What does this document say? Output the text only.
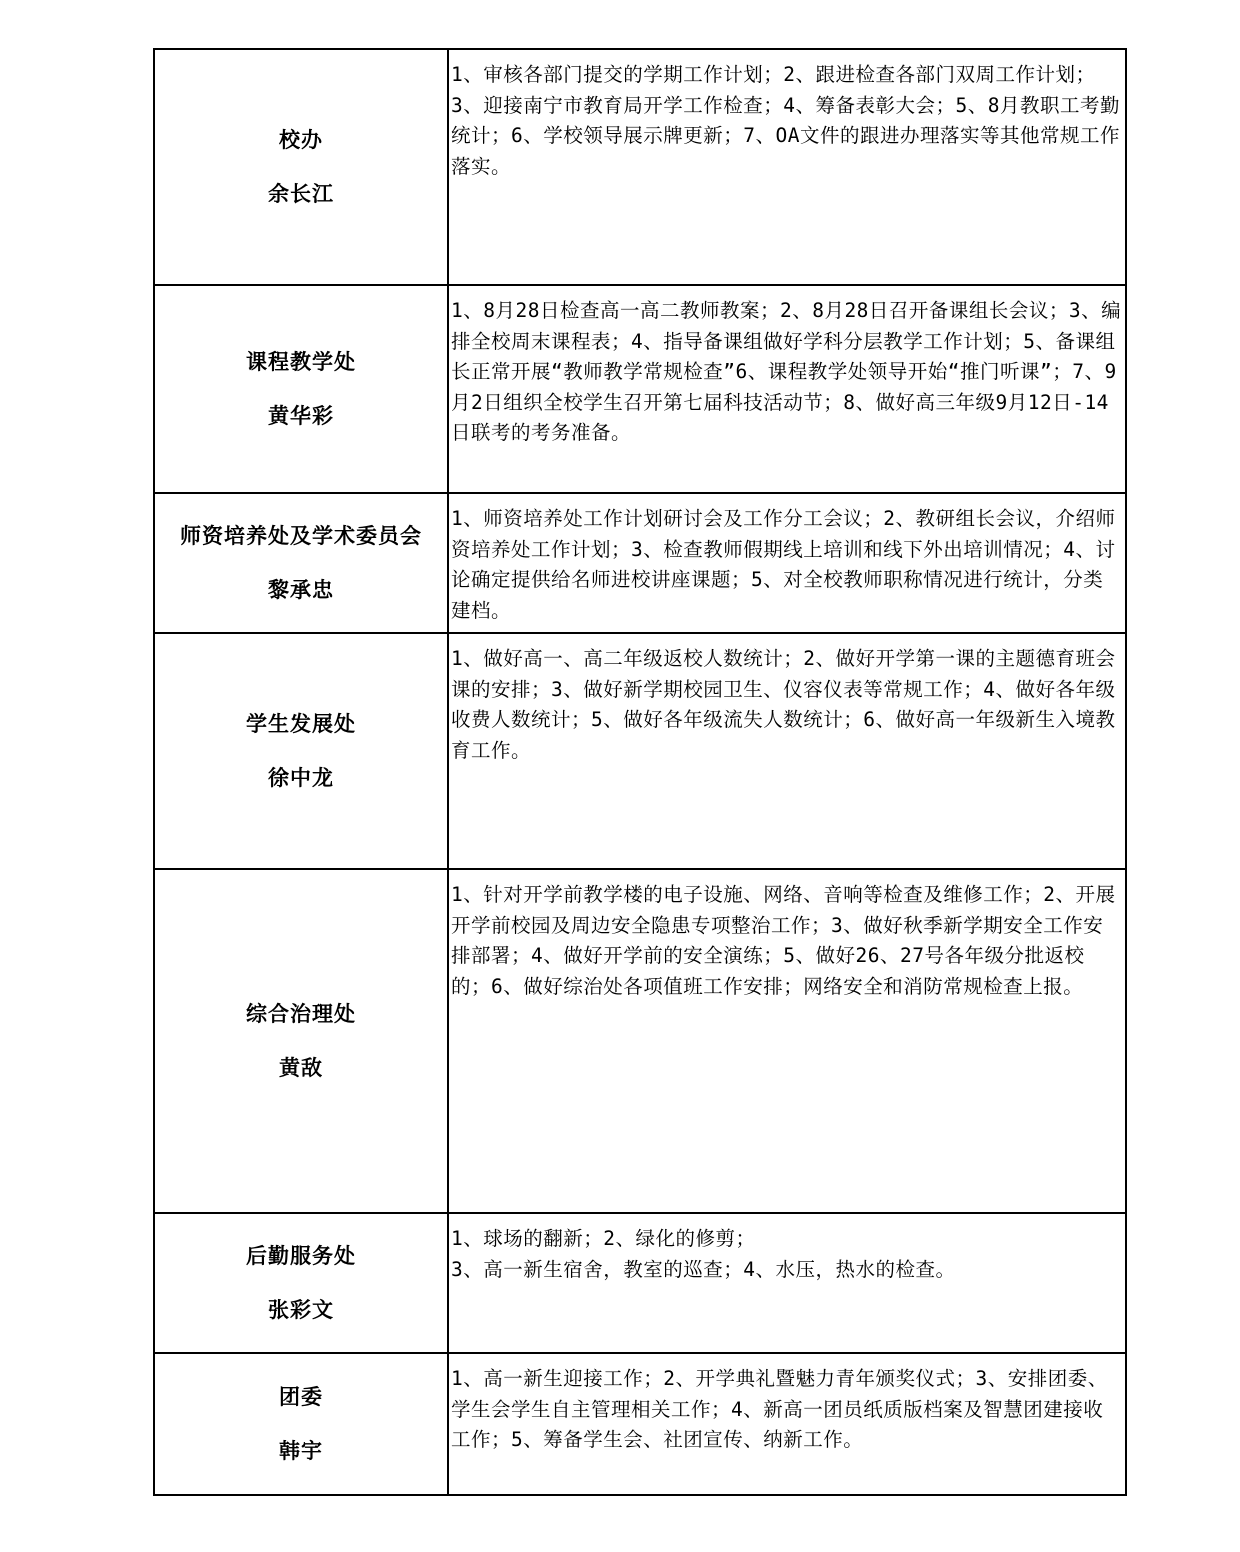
校办
余长江	1、审核各部门提交的学期工作计划；2、跟进检查各部门双周工作计划；3、迎接南宁市教育局开学工作检查；4、筹备表彰大会；5、8月教职工考勤统计；6、学校领导展示牌更新；7、OA文件的跟进办理落实等其他常规工作落实。

课程教学处
黄华彩	1、8月28日检查高一高二教师教案；2、8月28日召开备课组长会议；3、编排全校周末课程表；4、指导备课组做好学科分层教学工作计划；5、备课组长正常开展“教师教学常规检查”6、课程教学处领导开始“推门听课”；7、9月2日组织全校学生召开第七届科技活动节；8、做好高三年级9月12日-14日联考的考务准备。

师资培养处及学术委员会
黎承忠	1、师资培养处工作计划研讨会及工作分工会议；2、教研组长会议，介绍师资培养处工作计划；3、检查教师假期线上培训和线下外出培训情况；4、讨论确定提供给名师进校讲座课题；5、对全校教师职称情况进行统计，分类建档。

学生发展处
徐中龙	1、做好高一、高二年级返校人数统计；2、做好开学第一课的主题德育班会课的安排；3、做好新学期校园卫生、仪容仪表等常规工作；4、做好各年级收费人数统计；5、做好各年级流失人数统计；6、做好高一年级新生入境教育工作。

综合治理处
黄敌	1、针对开学前教学楼的电子设施、网络、音响等检查及维修工作；2、开展开学前校园及周边安全隐患专项整治工作；3、做好秋季新学期安全工作安排部署；4、做好开学前的安全演练；5、做好26、27号各年级分批返校的；6、做好综治处各项值班工作安排；网络安全和消防常规检查上报。

后勤服务处
张彩文	1、球场的翻新；2、绿化的修剪；
3、高一新生宿舍，教室的巡查；4、水压，热水的检查。

团委
韩宇	1、高一新生迎接工作；2、开学典礼暨魅力青年颁奖仪式；3、安排团委、学生会学生自主管理相关工作；4、新高一团员纸质版档案及智慧团建接收工作；5、筹备学生会、社团宣传、纳新工作。
